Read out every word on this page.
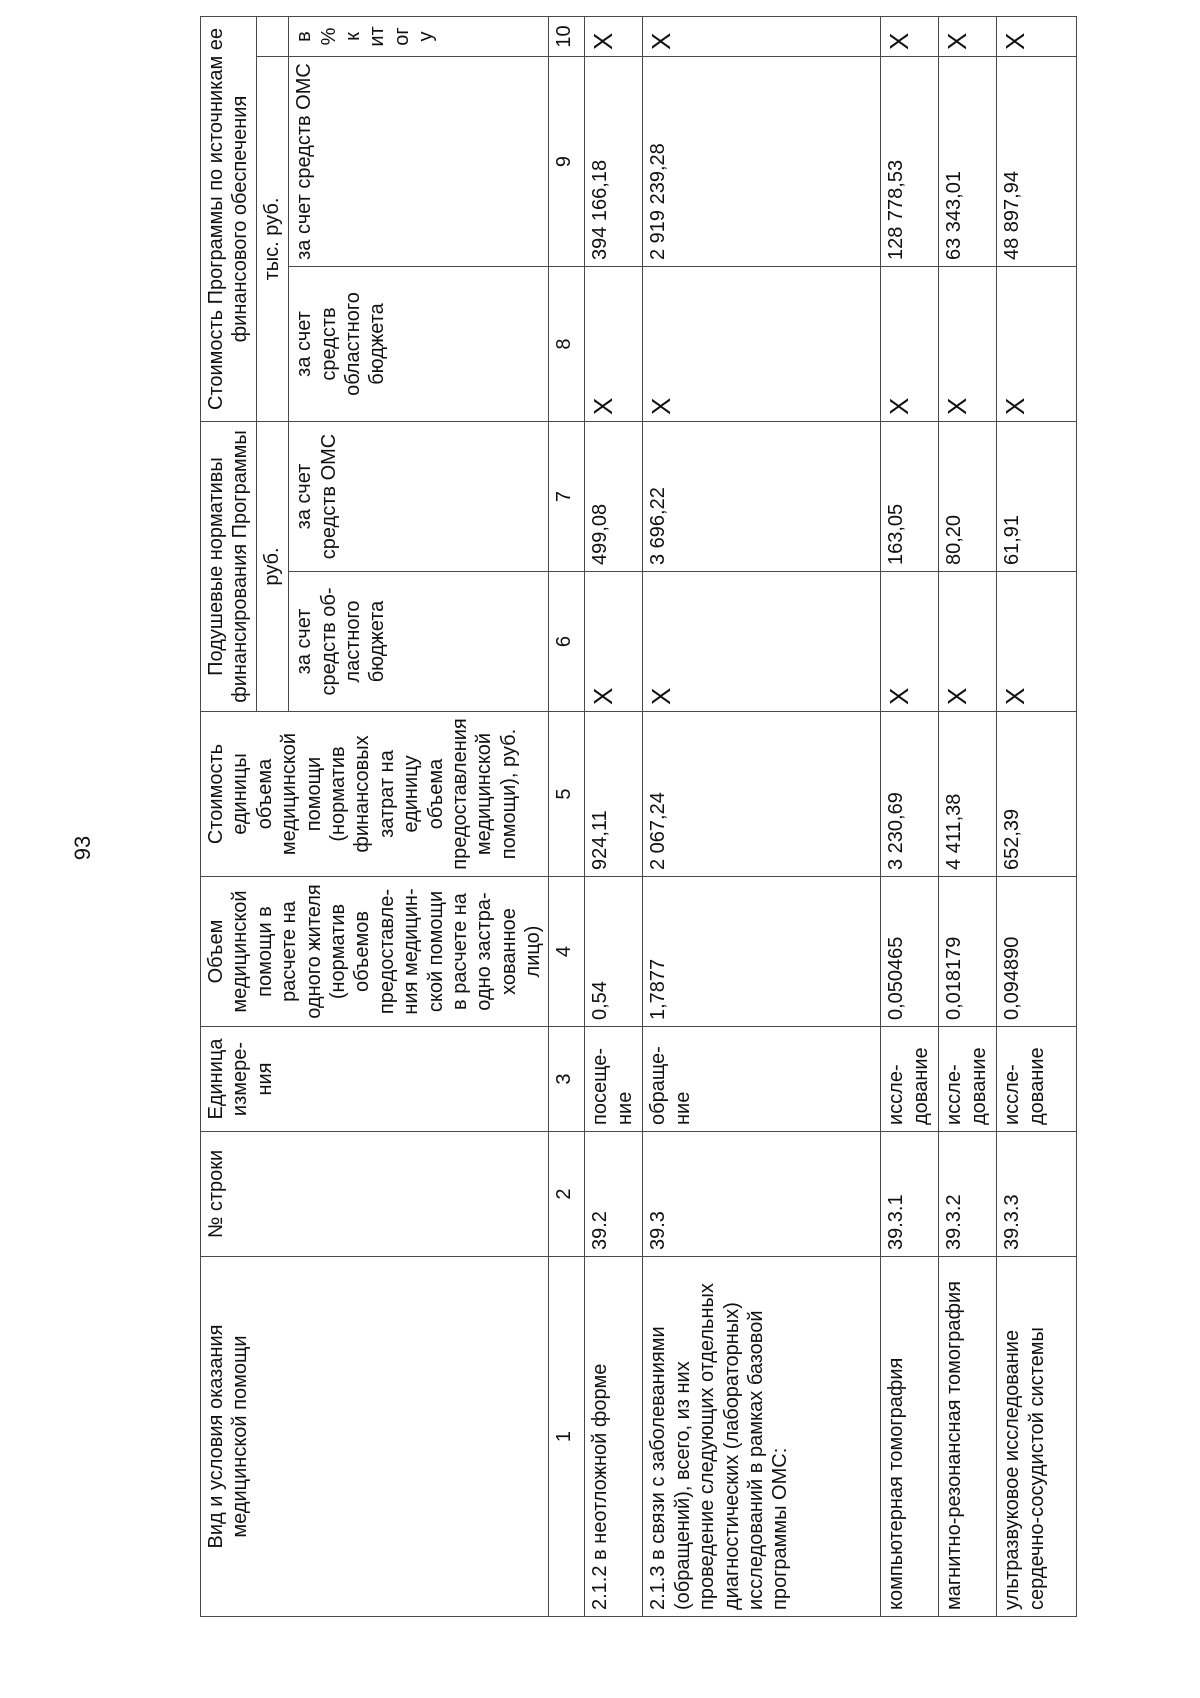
93
Вид и условия оказания медицинской помощи	№ строки	Единица измере-ния	Объем медицинской помощи в расчете на одного жителя (норматив объемов предоставле-ния медицин-ской помощи в расчете на одно застра-хованное лицо)	Стоимость единицы объема медицинской помощи (норматив финансовых затрат на единицу объема предоставления медицинской помощи), руб.	Подушевые нормативы финансирования Программы		Стоимость Программы по источникам ее финансового обеспечения		
					руб.		тыс. руб.		
					за счет средств об-ластного бюджета	за счет средств ОМС	за счет средств областного бюджета	за счет средств ОМС	в % к итогу
1	2	3	4	5	6	7	8	9	10
2.1.2 в неотложной форме	39.2	посеще-ние	0,54	924,11	X	499,08	X	394 166,18	X
2.1.3 в связи с заболеваниями (обращений), всего, из них проведение следующих отдельных диагностических (лабораторных) исследований в рамках базовой программы ОМС:	39.3	обраще-ние	1,7877	2 067,24	X	3 696,22	X	2 919 239,28	X
компьютерная томография	39.3.1	иссле-дование	0,050465	3 230,69	X	163,05	X	128 778,53	X
магнитно-резонансная томография	39.3.2	иссле-дование	0,018179	4 411,38	X	80,20	X	63 343,01	X
ультразвуковое исследование сердечно-сосудистой системы	39.3.3	иссле-дование	0,094890	652,39	X	61,91	X	48 897,94	X
